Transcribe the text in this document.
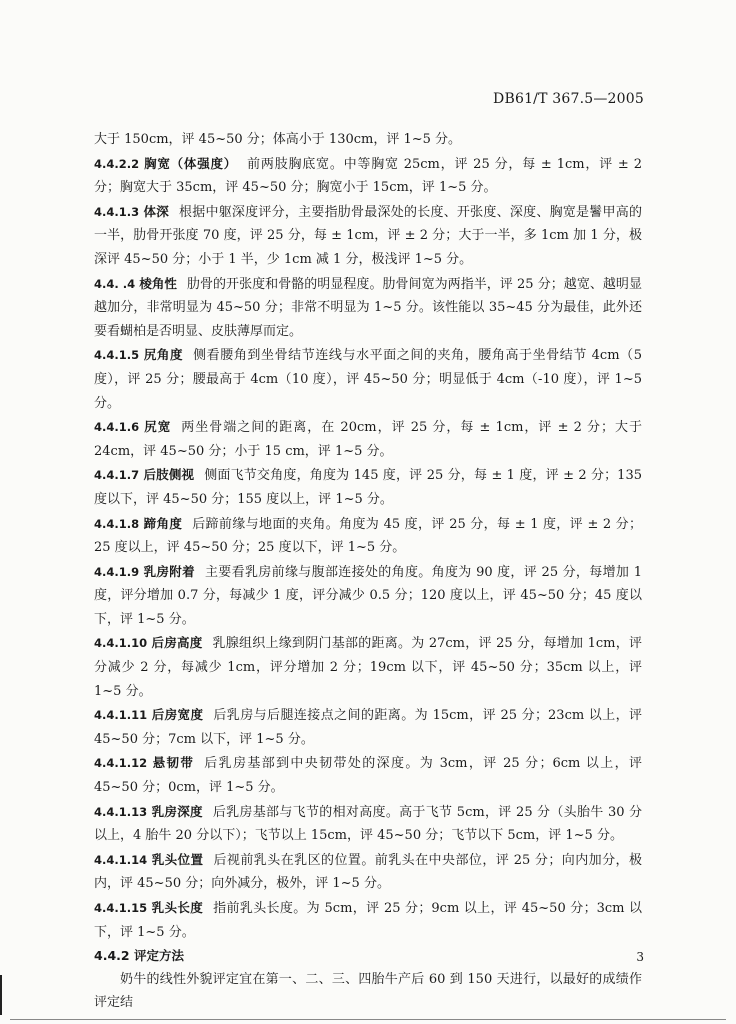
DB61/T 367.5—2005

大于 150cm，评 45~50 分；体高小于 130cm，评 1~5 分。

4.4.2.2 胸宽（体强度） 前两肢胸底宽。中等胸宽 25cm，评 25 分，每 ± 1cm，评 ± 2 分；胸宽大于 35cm，评 45~50 分；胸宽小于 15cm，评 1~5 分。

4.4.1.3 体深 根据中躯深度评分，主要指肋骨最深处的长度、开张度、深度、胸宽是鬐甲高的一半，肋骨开张度 70 度，评 25 分，每 ± 1cm，评 ± 2 分；大于一半，多 1cm 加 1 分，极深评 45~50 分；小于 1 半，少 1cm 减 1 分，极浅评 1~5 分。

4.4. .4 棱角性 肋骨的开张度和骨骼的明显程度。肋骨间宽为两指半，评 25 分；越宽、越明显越加分，非常明显为 45~50 分；非常不明显为 1~5 分。该性能以 35~45 分为最佳，此外还要看蝴柏是否明显、皮肤薄厚而定。

4.4.1.5 尻角度 侧看腰角到坐骨结节连线与水平面之间的夹角，腰角高于坐骨结节 4cm（5 度），评 25 分；腰最高于 4cm（10 度），评 45~50 分；明显低于 4cm（-10 度），评 1~5 分。

4.4.1.6 尻宽 两坐骨端之间的距离，在 20cm，评 25 分，每 ± 1cm，评 ± 2 分；大于 24cm，评 45~50 分；小于 15 cm，评 1~5 分。

4.4.1.7 后肢侧视 侧面飞节交角度，角度为 145 度，评 25 分，每 ± 1 度，评 ± 2 分；135 度以下，评 45~50 分；155 度以上，评 1~5 分。

4.4.1.8 蹄角度 后蹄前缘与地面的夹角。角度为 45 度，评 25 分，每 ± 1 度，评 ± 2 分；25 度以上，评 45~50 分；25 度以下，评 1~5 分。

4.4.1.9 乳房附着 主要看乳房前缘与腹部连接处的角度。角度为 90 度，评 25 分，每增加 1 度，评分增加 0.7 分，每减少 1 度，评分减少 0.5 分；120 度以上，评 45~50 分；45 度以下，评 1~5 分。

4.4.1.10 后房高度 乳腺组织上缘到阴门基部的距离。为 27cm，评 25 分，每增加 1cm，评分减少 2 分，每减少 1cm，评分增加 2 分；19cm 以下，评 45~50 分；35cm 以上，评 1~5 分。

4.4.1.11 后房宽度 后乳房与后腿连接点之间的距离。为 15cm，评 25 分；23cm 以上，评 45~50 分；7cm 以下，评 1~5 分。

4.4.1.12 悬韧带 后乳房基部到中央韧带处的深度。为 3cm，评 25 分；6cm 以上，评 45~50 分；0cm，评 1~5 分。

4.4.1.13 乳房深度 后乳房基部与飞节的相对高度。高于飞节 5cm，评 25 分（头胎牛 30 分以上，4 胎牛 20 分以下）；飞节以上 15cm，评 45~50 分；飞节以下 5cm，评 1~5 分。

4.4.1.14 乳头位置 后视前乳头在乳区的位置。前乳头在中央部位，评 25 分；向内加分，极内，评 45~50 分；向外减分，极外，评 1~5 分。

4.4.1.15 乳头长度 指前乳头长度。为 5cm，评 25 分；9cm 以上，评 45~50 分；3cm 以下，评 1~5 分。

4.4.2 评定方法

奶牛的线性外貌评定宜在第一、二、三、四胎牛产后 60 到 150 天进行，以最好的成绩作评定结

3
